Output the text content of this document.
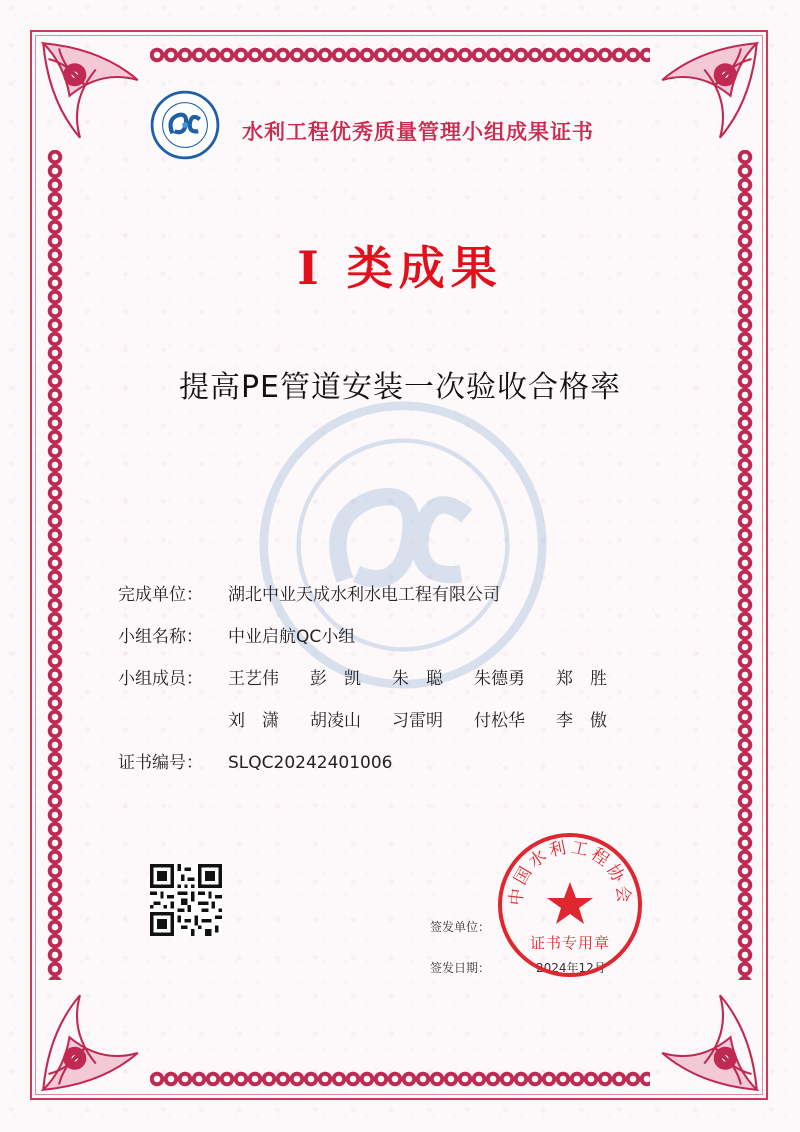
水利工程优秀质量管理小组成果证书
I 类成果
提高PE管道安装一次验收合格率
完成单位： 湖北中业天成水利水电工程有限公司
小组名称： 中业启航QC小组
小组成员：	王艺伟 彭　凯 朱　聪 朱德勇 郑　胜
刘　潇 胡凌山 习雷明 付松华 李　傲
证书编号： SLQC20242401006
签发单位：
签发日期：	2024年12月
中国水利工程协会
证书专用章
